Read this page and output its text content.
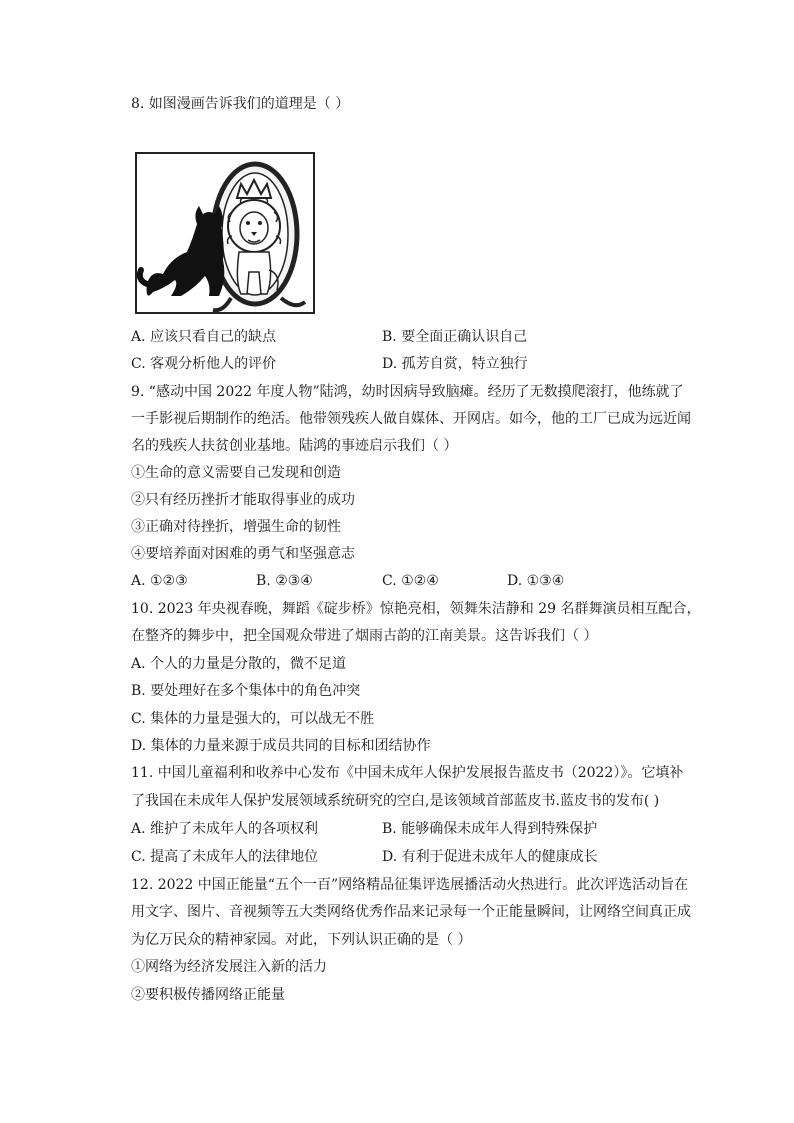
8. 如图漫画告诉我们的道理是（ ）
A. 应该只看自己的缺点	B. 要全面正确认识自己
C. 客观分析他人的评价	D. 孤芳自赏，特立独行
9. “感动中国 2022 年度人物”陆鸿，幼时因病导致脑瘫。经历了无数摸爬滚打，他练就了
一手影视后期制作的绝活。他带领残疾人做自媒体、开网店。如今，他的工厂已成为远近闻
名的残疾人扶贫创业基地。陆鸿的事迹启示我们（ ）
①生命的意义需要自己发现和创造
②只有经历挫折才能取得事业的成功
③正确对待挫折，增强生命的韧性
④要培养面对困难的勇气和坚强意志
A. ①②③	B. ②③④	C. ①②④	D. ①③④
10. 2023 年央视春晚，舞蹈《碇步桥》惊艳亮相，领舞朱洁静和 29 名群舞演员相互配合，
在整齐的舞步中，把全国观众带进了烟雨古韵的江南美景。这告诉我们（ ）
A. 个人的力量是分散的，微不足道
B. 要处理好在多个集体中的角色冲突
C. 集体的力量是强大的，可以战无不胜
D. 集体的力量来源于成员共同的目标和团结协作
11. 中国儿童福利和收养中心发布《中国未成年人保护发展报告蓝皮书（2022）》。它填补
了我国在未成年人保护发展领域系统研究的空白,是该领域首部蓝皮书.蓝皮书的发布( )
A. 维护了未成年人的各项权利	B. 能够确保未成年人得到特殊保护
C. 提高了未成年人的法律地位	D. 有利于促进未成年人的健康成长
12. 2022 中国正能量“五个一百”网络精品征集评选展播活动火热进行。此次评选活动旨在
用文字、图片、音视频等五大类网络优秀作品来记录每一个正能量瞬间，让网络空间真正成
为亿万民众的精神家园。对此，下列认识正确的是（ ）
①网络为经济发展注入新的活力
②要积极传播网络正能量
